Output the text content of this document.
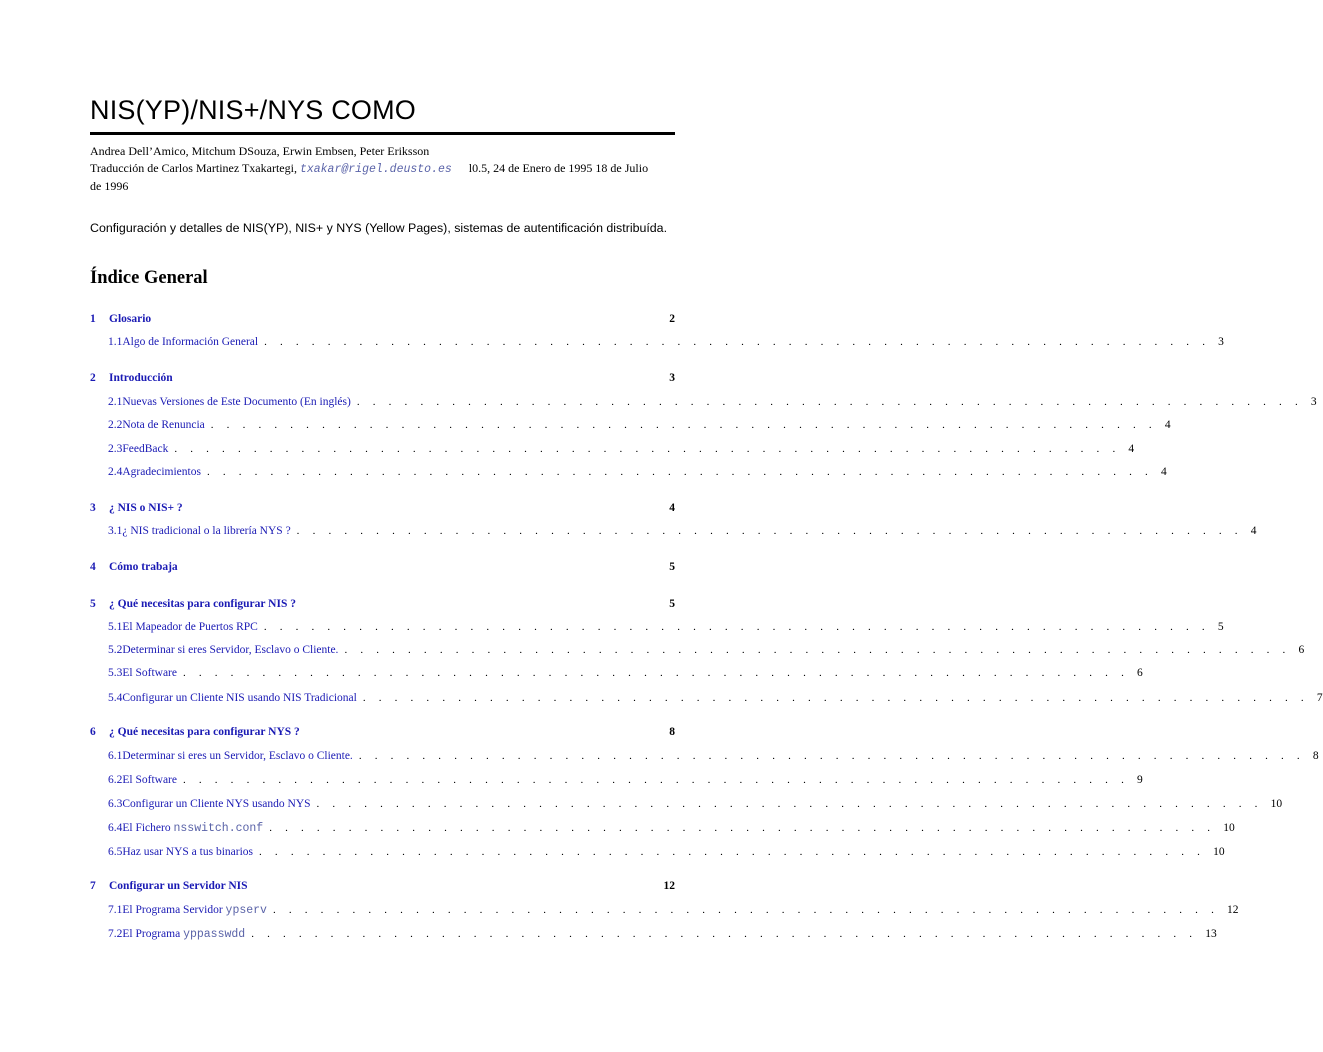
NIS(YP)/NIS+/NYS COMO
Andrea Dell’Amico, Mitchum DSouza, Erwin Embsen, Peter Eriksson
Traducción de Carlos Martinez Txakartegi, txakar@rigel.deusto.es l0.5, 24 de Enero de 1995 18 de Julio
de 1996
Configuración y detalles de NIS(YP), NIS+ y NYS (Yellow Pages), sistemas de autentificación distribuída.
Índice General
1	Glosario	2
1.1 Algo de Información General . . . . . . . . . . . . . . . . . . . . . . . . . . . . . . . . . . . . . . . . . . . . . . . . . . . . . . . . . . . . 3
2	Introducción	3
2.1 Nuevas Versiones de Este Documento (En inglés) . . . . . . . . . . . . . . . . . . . . . . . . . . . . . . . . . . . . . . . . . . . . . . . . . . . . . . . . . . . . 3
2.2 Nota de Renuncia . . . . . . . . . . . . . . . . . . . . . . . . . . . . . . . . . . . . . . . . . . . . . . . . . . . . . . . . . . . . 4
2.3 FeedBack . . . . . . . . . . . . . . . . . . . . . . . . . . . . . . . . . . . . . . . . . . . . . . . . . . . . . . . . . . . . 4
2.4 Agradecimientos . . . . . . . . . . . . . . . . . . . . . . . . . . . . . . . . . . . . . . . . . . . . . . . . . . . . . . . . . . . . 4
3	¿ NIS o NIS+ ?	4
3.1 ¿ NIS tradicional o la librería NYS ? . . . . . . . . . . . . . . . . . . . . . . . . . . . . . . . . . . . . . . . . . . . . . . . . . . . . . . . . . . . . 4
4	Cómo trabaja	5
5	¿ Qué necesitas para configurar NIS ?	5
5.1 El Mapeador de Puertos RPC . . . . . . . . . . . . . . . . . . . . . . . . . . . . . . . . . . . . . . . . . . . . . . . . . . . . . . . . . . . . 5
5.2 Determinar si eres Servidor, Esclavo o Cliente. . . . . . . . . . . . . . . . . . . . . . . . . . . . . . . . . . . . . . . . . . . . . . . . . . . . . . . . . . . . . 6
5.3 El Software . . . . . . . . . . . . . . . . . . . . . . . . . . . . . . . . . . . . . . . . . . . . . . . . . . . . . . . . . . . . 6
5.4 Configurar un Cliente NIS usando NIS Tradicional . . . . . . . . . . . . . . . . . . . . . . . . . . . . . . . . . . . . . . . . . . . . . . . . . . . . . . . . . . . . 7
6	¿ Qué necesitas para configurar NYS ?	8
6.1 Determinar si eres un Servidor, Esclavo o Cliente. . . . . . . . . . . . . . . . . . . . . . . . . . . . . . . . . . . . . . . . . . . . . . . . . . . . . . . . . . . . . 8
6.2 El Software . . . . . . . . . . . . . . . . . . . . . . . . . . . . . . . . . . . . . . . . . . . . . . . . . . . . . . . . . . . . 9
6.3 Configurar un Cliente NYS usando NYS . . . . . . . . . . . . . . . . . . . . . . . . . . . . . . . . . . . . . . . . . . . . . . . . . . . . . . . . . . . . 10
6.4 El Fichero nsswitch.conf . . . . . . . . . . . . . . . . . . . . . . . . . . . . . . . . . . . . . . . . . . . . . . . . . . . . . . . . . . . . 10
6.5 Haz usar NYS a tus binarios . . . . . . . . . . . . . . . . . . . . . . . . . . . . . . . . . . . . . . . . . . . . . . . . . . . . . . . . . . . . 10
7	Configurar un Servidor NIS	12
7.1 El Programa Servidor ypserv . . . . . . . . . . . . . . . . . . . . . . . . . . . . . . . . . . . . . . . . . . . . . . . . . . . . . . . . . . . . 12
7.2 El Programa yppasswdd . . . . . . . . . . . . . . . . . . . . . . . . . . . . . . . . . . . . . . . . . . . . . . . . . . . . . . . . . . . . 13
